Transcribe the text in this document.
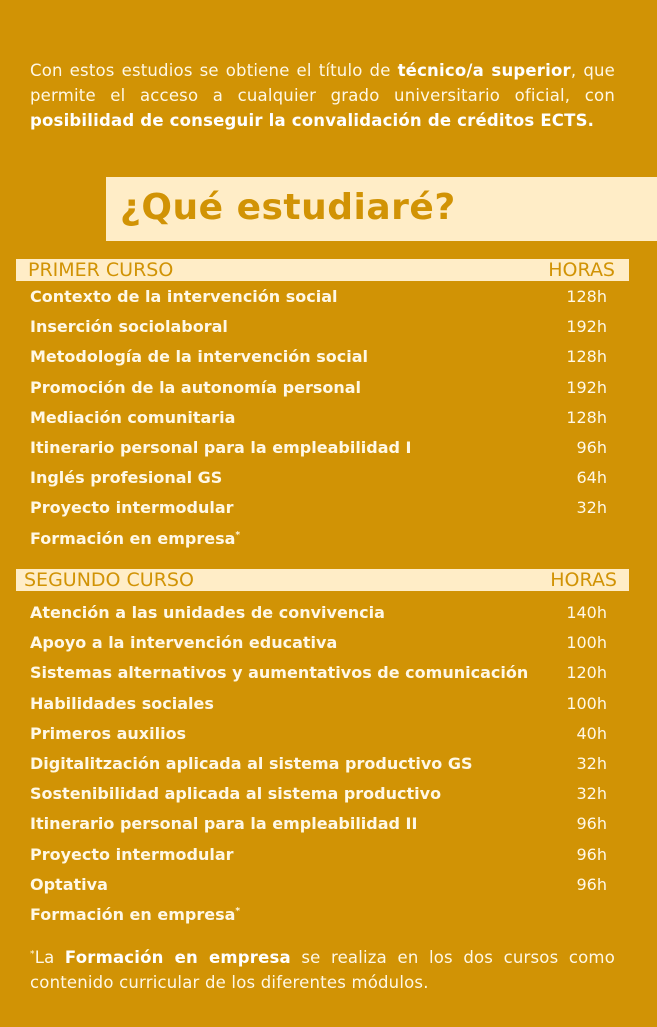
Con estos estudios se obtiene el título de técnico/a superior, que permite el acceso a cualquier grado universitario oficial, con posibilidad de conseguir la convalidación de créditos ECTS.

¿Qué estudiaré?
PRIMER CURSO	HORAS
Contexto de la intervención social	128h
Inserción sociolaboral	192h
Metodología de la intervención social	128h
Promoción de la autonomía personal	192h
Mediación comunitaria	128h
Itinerario personal para la empleabilidad I	96h
Inglés profesional GS	64h
Proyecto intermodular	32h
Formación en empresa*
SEGUNDO CURSO	HORAS
Atención a las unidades de convivencia	140h
Apoyo a la intervención educativa	100h
Sistemas alternativos y aumentativos de comunicación 120h
Habilidades sociales	100h
Primeros auxilios	40h
Digitalitzación aplicada al sistema productivo GS	32h
Sostenibilidad aplicada al sistema productivo	32h
Itinerario personal para la empleabilidad II	96h
Proyecto intermodular	96h
Optativa	96h
Formación en empresa*

*La Formación en empresa se realiza en los dos cursos como contenido curricular de los diferentes módulos.
